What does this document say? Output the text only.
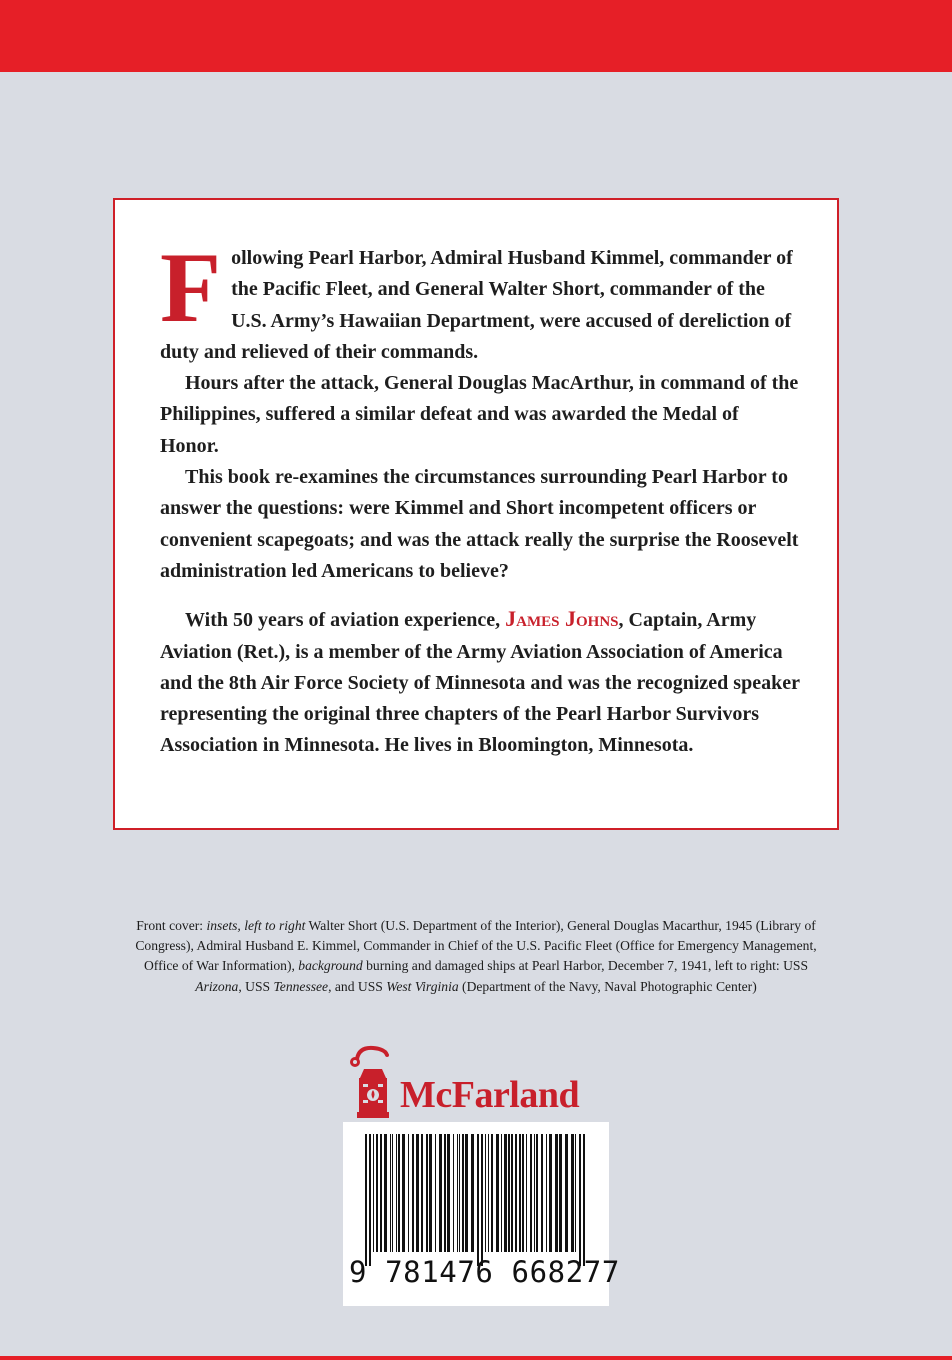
Following Pearl Harbor, Admiral Husband Kimmel, commander of the Pacific Fleet, and General Walter Short, commander of the U.S. Army’s Hawaiian Department, were accused of dereliction of duty and relieved of their commands.

Hours after the attack, General Douglas MacArthur, in command of the Philippines, suffered a similar defeat and was awarded the Medal of Honor.

This book re-examines the circumstances surrounding Pearl Harbor to answer the questions: were Kimmel and Short incompetent officers or convenient scapegoats; and was the attack really the surprise the Roosevelt administration led Americans to believe?

With 50 years of aviation experience, James Johns, Captain, Army Aviation (Ret.), is a member of the Army Aviation Association of America and the 8th Air Force Society of Minnesota and was the recognized speaker representing the original three chapters of the Pearl Harbor Survivors Association in Minnesota. He lives in Bloomington, Minnesota.

Front cover: insets, left to right Walter Short (U.S. Department of the Interior), General Douglas Macarthur, 1945 (Library of Congress), Admiral Husband E. Kimmel, Commander in Chief of the U.S. Pacific Fleet (Office for Emergency Management, Office of War Information), background burning and damaged ships at Pearl Harbor, December 7, 1941, left to right: USS Arizona, USS Tennessee, and USS West Virginia (Department of the Navy, Naval Photographic Center)
McFarland
9 781476 668277
